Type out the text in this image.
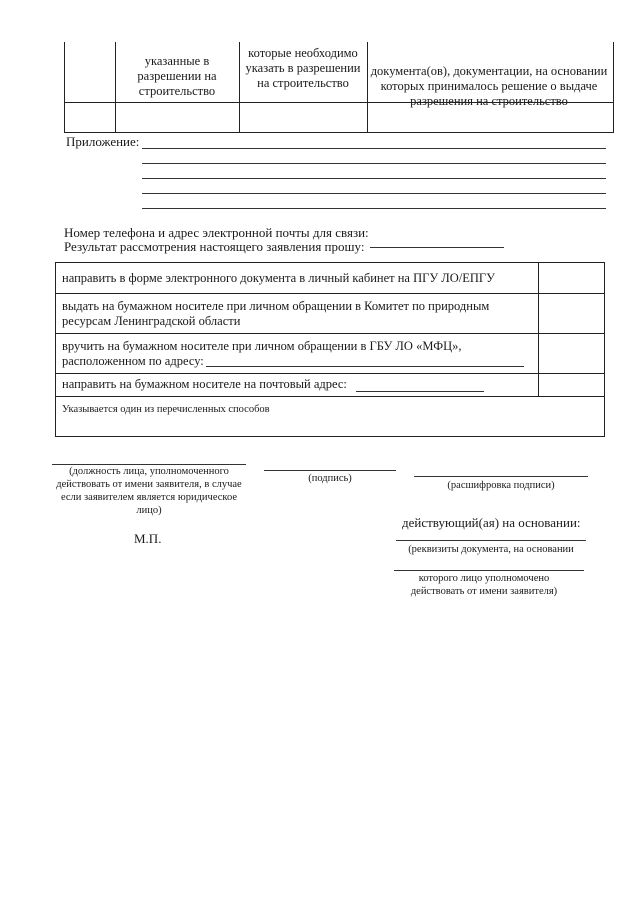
указанные в разрешении на строительство
которые необходимо указать в разрешении на строительство
документа(ов), документации, на основании которых принималось решение о выдаче разрешения на строительство
Приложение:
Номер телефона и адрес электронной почты для связи:
Результат рассмотрения настоящего заявления прошу:
направить в форме электронного документа в личный кабинет на ПГУ ЛО/ЕПГУ
выдать на бумажном носителе при личном обращении в Комитет по природным ресурсам Ленинградской области
вручить на бумажном носителе при личном обращении в ГБУ ЛО «МФЦ», расположенном по адресу:
направить на бумажном носителе на почтовый адрес:
Указывается один из перечисленных способов
(должность лица, уполномоченного действовать от имени заявителя, в случае если заявителем является юридическое лицо)
(подпись)
(расшифровка подписи)
действующий(ая) на основании:
(реквизиты документа, на основании
которого лицо уполномочено действовать от имени заявителя)
М.П.
